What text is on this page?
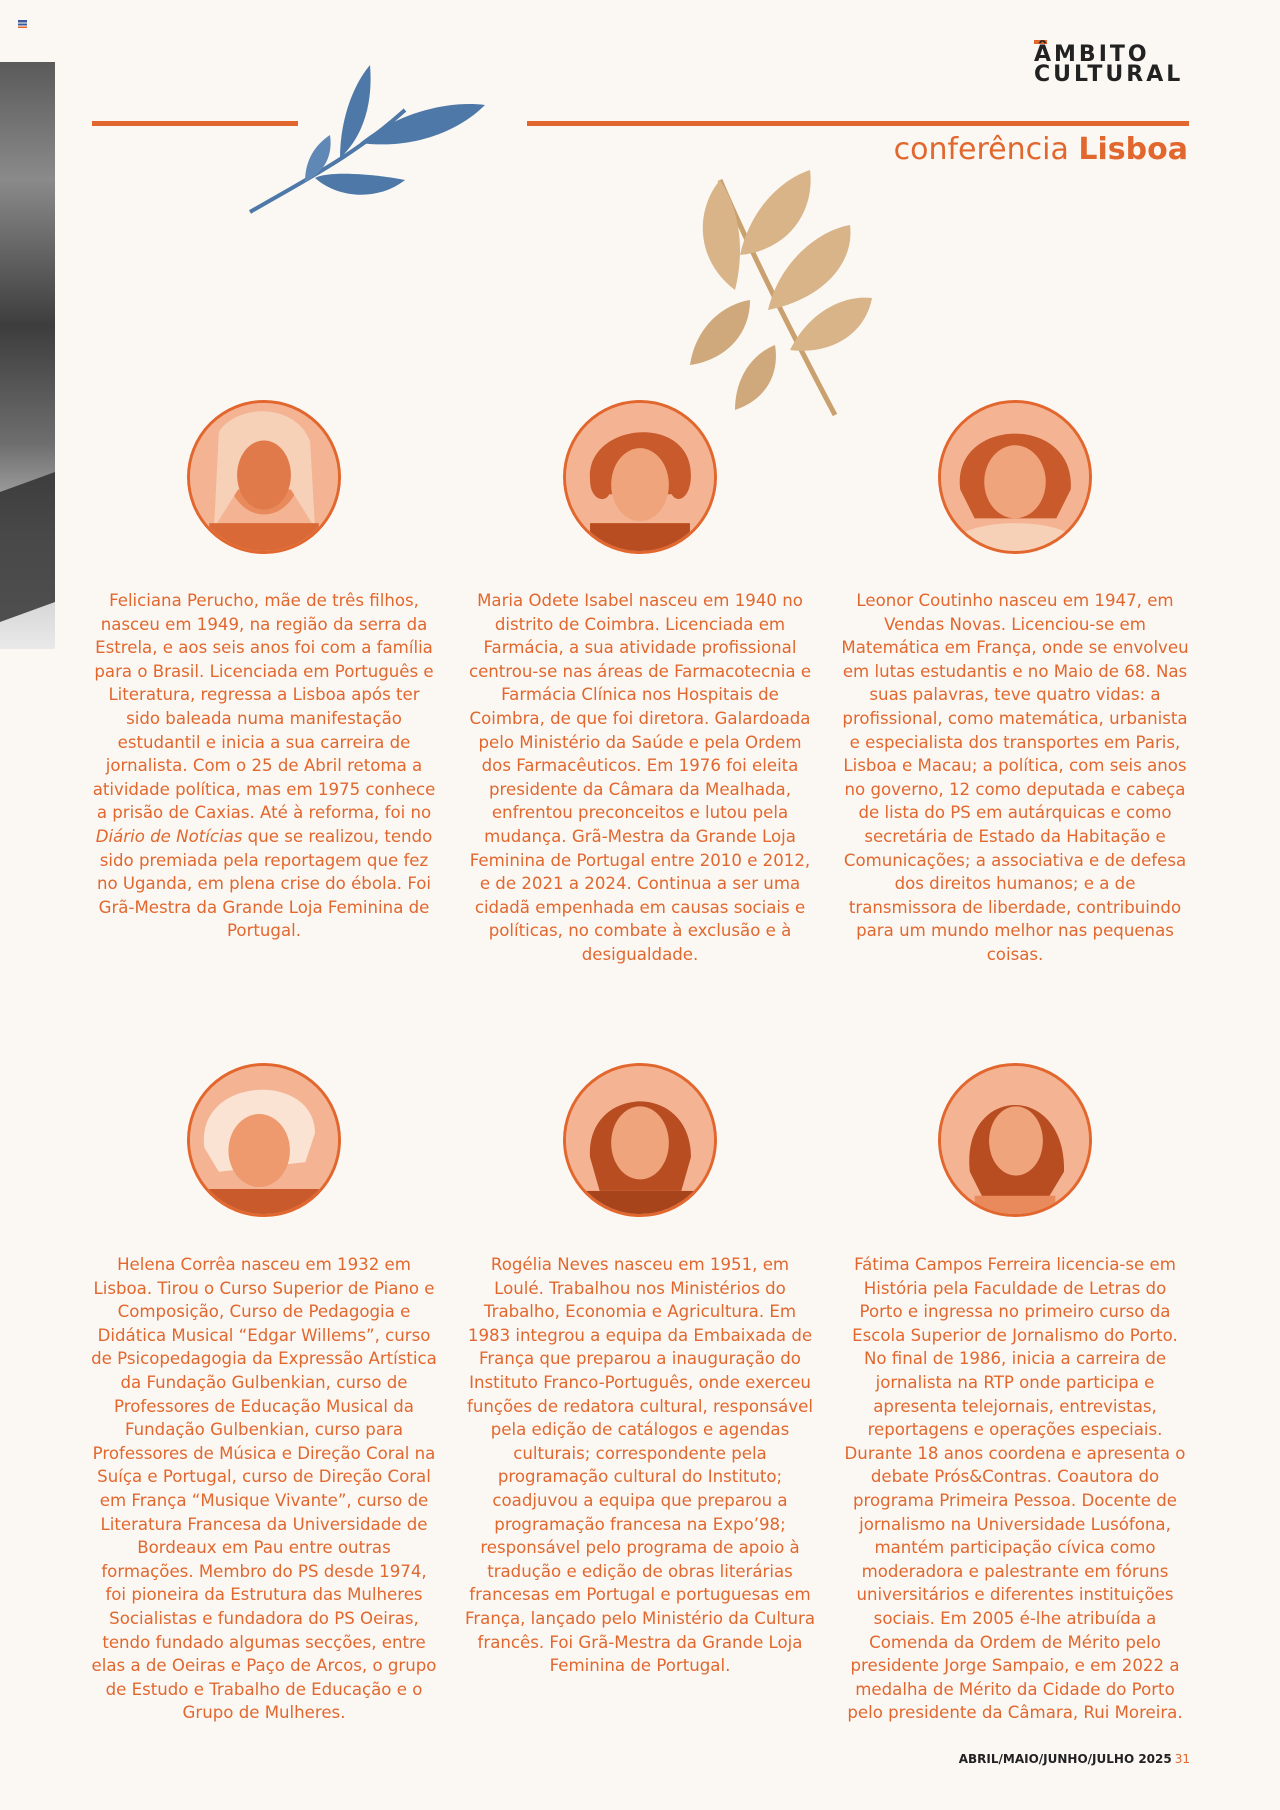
ÂMBITO
CULTURAL
conferência Lisboa
Feliciana Perucho, mãe de três filhos, nasceu em 1949, na região da serra da Estrela, e aos seis anos foi com a família para o Brasil. Licenciada em Português e Literatura, regressa a Lisboa após ter sido baleada numa manifestação estudantil e inicia a sua carreira de jornalista. Com o 25 de Abril retoma a atividade política, mas em 1975 conhece a prisão de Caxias. Até à reforma, foi no Diário de Notícias que se realizou, tendo sido premiada pela reportagem que fez no Uganda, em plena crise do ébola. Foi Grã-Mestra da Grande Loja Feminina de Portugal.
Maria Odete Isabel nasceu em 1940 no distrito de Coimbra. Licenciada em Farmácia, a sua atividade profissional centrou-se nas áreas de Farmacotecnia e Farmácia Clínica nos Hospitais de Coimbra, de que foi diretora. Galardoada pelo Ministério da Saúde e pela Ordem dos Farmacêuticos. Em 1976 foi eleita presidente da Câmara da Mealhada, enfrentou preconceitos e lutou pela mudança. Grã-Mestra da Grande Loja Feminina de Portugal entre 2010 e 2012, e de 2021 a 2024. Continua a ser uma cidadã empenhada em causas sociais e políticas, no combate à exclusão e à desigualdade.
Leonor Coutinho nasceu em 1947, em Vendas Novas. Licenciou-se em Matemática em França, onde se envolveu em lutas estudantis e no Maio de 68. Nas suas palavras, teve quatro vidas: a profissional, como matemática, urbanista e especialista dos transportes em Paris, Lisboa e Macau; a política, com seis anos no governo, 12 como deputada e cabeça de lista do PS em autárquicas e como secretária de Estado da Habitação e Comunicações; a associativa e de defesa dos direitos humanos; e a de transmissora de liberdade, contribuindo para um mundo melhor nas pequenas coisas.
Helena Corrêa nasceu em 1932 em Lisboa. Tirou o Curso Superior de Piano e Composição, Curso de Pedagogia e Didática Musical “Edgar Willems”, curso de Psicopedagogia da Expressão Artística da Fundação Gulbenkian, curso de Professores de Educação Musical da Fundação Gulbenkian, curso para Professores de Música e Direção Coral na Suíça e Portugal, curso de Direção Coral em França “Musique Vivante”, curso de Literatura Francesa da Universidade de Bordeaux em Pau entre outras formações. Membro do PS desde 1974, foi pioneira da Estrutura das Mulheres Socialistas e fundadora do PS Oeiras, tendo fundado algumas secções, entre elas a de Oeiras e Paço de Arcos, o grupo de Estudo e Trabalho de Educação e o Grupo de Mulheres.
Rogélia Neves nasceu em 1951, em Loulé. Trabalhou nos Ministérios do Trabalho, Economia e Agricultura. Em 1983 integrou a equipa da Embaixada de França que preparou a inauguração do Instituto Franco-Português, onde exerceu funções de redatora cultural, responsável pela edição de catálogos e agendas culturais; correspondente pela programação cultural do Instituto; coadjuvou a equipa que preparou a programação francesa na Expo’98; responsável pelo programa de apoio à tradução e edição de obras literárias francesas em Portugal e portuguesas em França, lançado pelo Ministério da Cultura francês. Foi Grã-Mestra da Grande Loja Feminina de Portugal.
Fátima Campos Ferreira licencia-se em História pela Faculdade de Letras do Porto e ingressa no primeiro curso da Escola Superior de Jornalismo do Porto. No final de 1986, inicia a carreira de jornalista na RTP onde participa e apresenta telejornais, entrevistas, reportagens e operações especiais. Durante 18 anos coordena e apresenta o debate Prós&Contras. Coautora do programa Primeira Pessoa. Docente de jornalismo na Universidade Lusófona, mantém participação cívica como moderadora e palestrante em fóruns universitários e diferentes instituições sociais. Em 2005 é-lhe atribuída a Comenda da Ordem de Mérito pelo presidente Jorge Sampaio, e em 2022 a medalha de Mérito da Cidade do Porto pelo presidente da Câmara, Rui Moreira.
ABRIL/MAIO/JUNHO/JULHO 2025 31
